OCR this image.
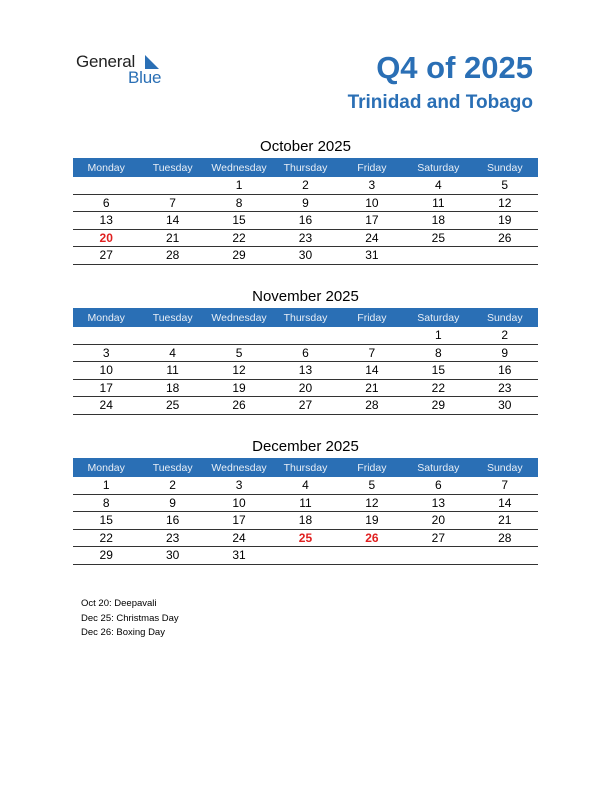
General
Blue	Q4 of 2025
Trinidad and Tobago
October 2025
Monday	Tuesday	Wednesday	Thursday	Friday	Saturday	Sunday
		1	2	3	4	5
6	7	8	9	10	11	12
13	14	15	16	17	18	19
20	21	22	23	24	25	26
27	28	29	30	31		
November 2025
Monday	Tuesday	Wednesday	Thursday	Friday	Saturday	Sunday
					1	2
3	4	5	6	7	8	9
10	11	12	13	14	15	16
17	18	19	20	21	22	23
24	25	26	27	28	29	30
December 2025
Monday	Tuesday	Wednesday	Thursday	Friday	Saturday	Sunday
1	2	3	4	5	6	7
8	9	10	11	12	13	14
15	16	17	18	19	20	21
22	23	24	25	26	27	28
29	30	31				
Oct 20: Deepavali
Dec 25: Christmas Day
Dec 26: Boxing Day
